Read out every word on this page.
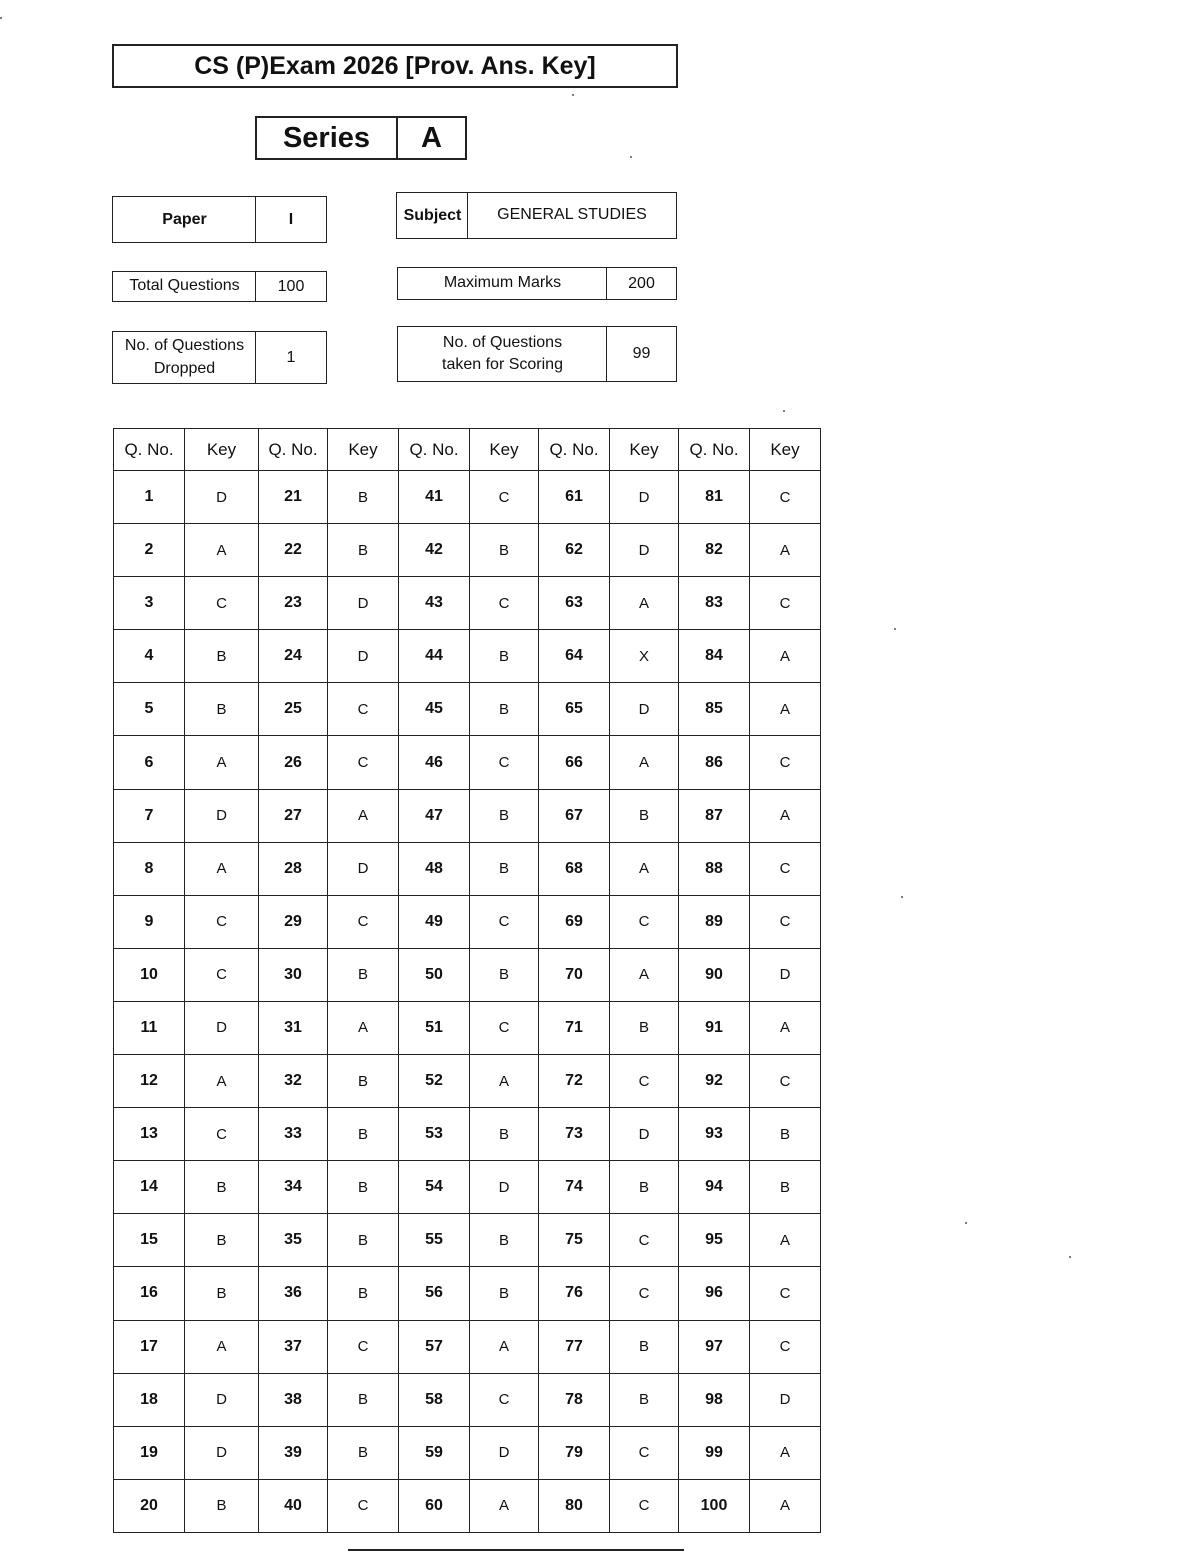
CS (P)Exam 2026 [Prov. Ans. Key]
Series	A
Paper	I	Subject	GENERAL STUDIES
Total Questions	100	Maximum Marks	200
No. of Questions
Dropped
1
No. of Questions
taken for Scoring
99
Q. No.	Key	Q. No.	Key	Q. No.	Key	Q. No.	Key	Q. No.	Key
1	D	21	B	41	C	61	D	81	C
2	A	22	B	42	B	62	D	82	A
3	C	23	D	43	C	63	A	83	C
4	B	24	D	44	B	64	X	84	A
5	B	25	C	45	B	65	D	85	A
6	A	26	C	46	C	66	A	86	C
7	D	27	A	47	B	67	B	87	A
8	A	28	D	48	B	68	A	88	C
9	C	29	C	49	C	69	C	89	C
10	C	30	B	50	B	70	A	90	D
11	D	31	A	51	C	71	B	91	A
12	A	32	B	52	A	72	C	92	C
13	C	33	B	53	B	73	D	93	B
14	B	34	B	54	D	74	B	94	B
15	B	35	B	55	B	75	C	95	A
16	B	36	B	56	B	76	C	96	C
17	A	37	C	57	A	77	B	97	C
18	D	38	B	58	C	78	B	98	D
19	D	39	B	59	D	79	C	99	A
20	B	40	C	60	A	80	C	100	A
